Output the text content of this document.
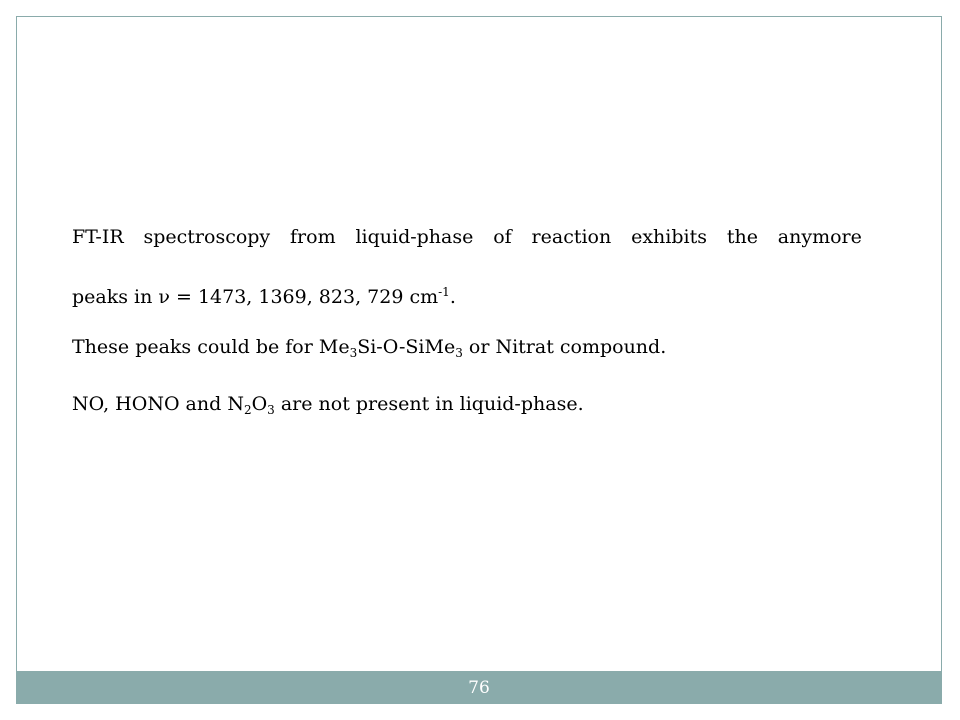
FT-IR spectroscopy from liquid-phase of reaction exhibits the anymore

peaks in ν = 1473, 1369, 823, 729 $cm^{-1}$.

These peaks could be for $Me_3Si-O-SiMe_3$ or Nitrat compound.

NO, HONO and $N_2O_3$ are not present in liquid-phase.

76
